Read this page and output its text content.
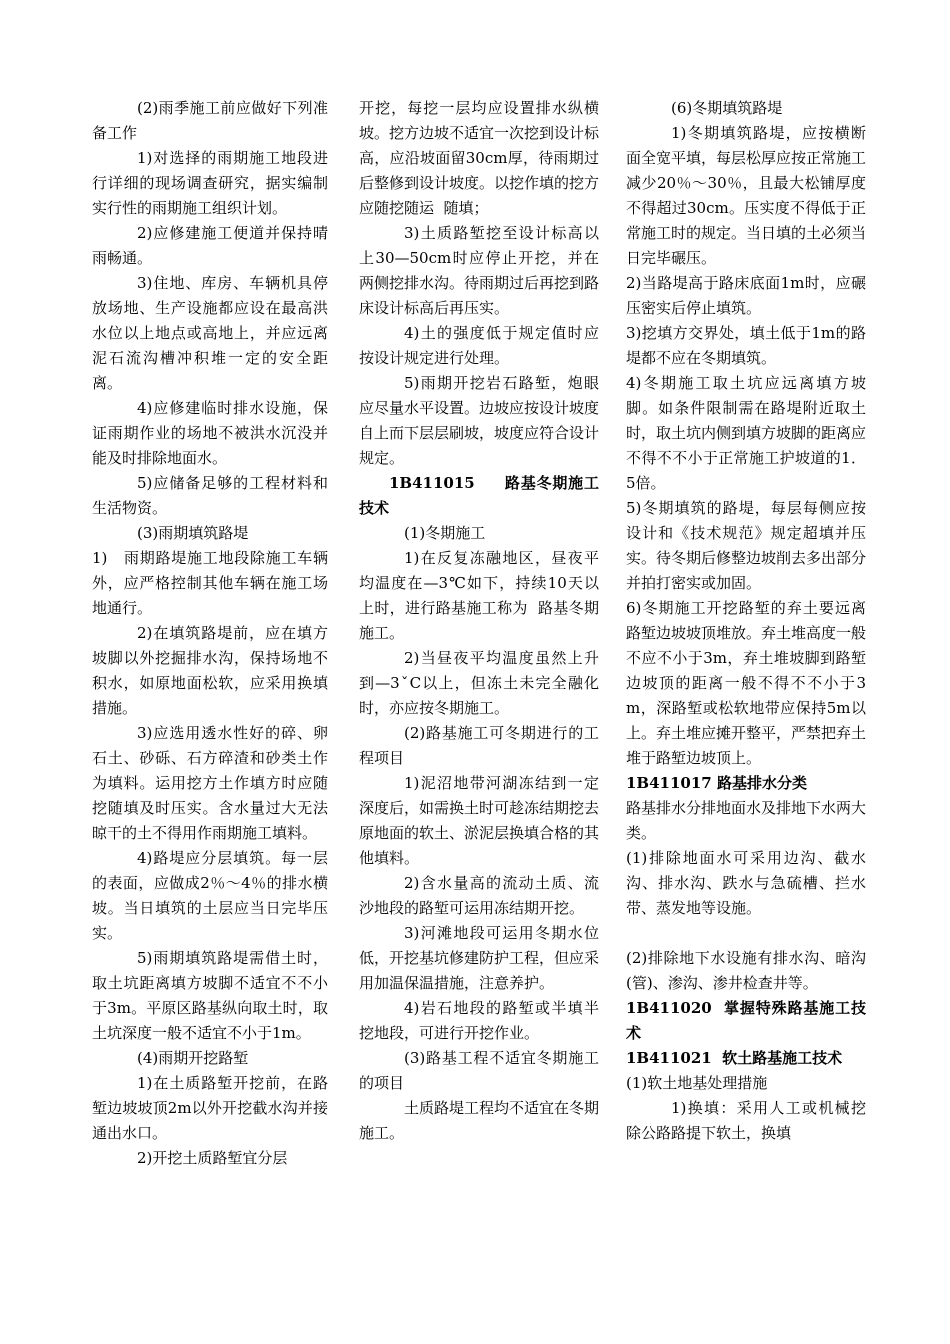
(2)雨季施工前应做好下列准备工作

1)对选择的雨期施工地段进行详细的现场调查研究，据实编制实行性的雨期施工组织计划。

2)应修建施工便道并保持晴雨畅通。

3)住地、库房、车辆机具停放场地、生产设施都应设在最高洪水位以上地点或高地上，并应远离泥石流沟槽冲积堆一定的安全距离。

4)应修建临时排水设施，保证雨期作业的场地不被洪水沉没并能及时排除地面水。

5)应储备足够的工程材料和生活物资。

(3)雨期填筑路堤

1)   雨期路堤施工地段除施工车辆外，应严格控制其他车辆在施工场地通行。

2)在填筑路堤前，应在填方坡脚以外挖掘排水沟，保持场地不积水，如原地面松软，应采用换填措施。

3)应选用透水性好的碎、卵石土、砂砾、石方碎渣和砂类土作为填料。运用挖方土作填方时应随挖随填及时压实。含水量过大无法晾干的土不得用作雨期施工填料。

4)路堤应分层填筑。每一层的表面，应做成2％～4％的排水横坡。当日填筑的土层应当日完毕压实。

5)雨期填筑路堤需借土时，取土坑距离填方坡脚不适宜不不小于3m。平原区路基纵向取土时，取土坑深度一般不适宜不小于1m。

(4)雨期开挖路堑

1)在土质路堑开挖前，在路堑边坡坡顶2m以外开挖截水沟并接通出水口。

2)开挖土质路堑宜分层

开挖，每挖一层均应设置排水纵横坡。挖方边坡不适宜一次挖到设计标高，应沿坡面留30cm厚，待雨期过后整修到设计坡度。以挖作填的挖方应随挖随运  随填；

3)土质路堑挖至设计标高以上30—50cm时应停止开挖，并在两侧挖排水沟。待雨期过后再挖到路床设计标高后再压实。

4)土的强度低于规定值时应按设计规定进行处理。

5)雨期开挖岩石路堑，炮眼应尽量水平设置。边坡应按设计坡度自上而下层层刷坡，坡度应符合设计规定。

1B411015     路基冬期施工技术

(1)冬期施工

1)在反复冻融地区，昼夜平均温度在—3℃如下，持续10天以上时，进行路基施工称为  路基冬期施工。

2)当昼夜平均温度虽然上升到—3ˇC以上，但冻土未完全融化时，亦应按冬期施工。

(2)路基施工可冬期进行的工程项目

1)泥沼地带河湖冻结到一定深度后，如需换土时可趁冻结期挖去原地面的软土、淤泥层换填合格的其他填料。

2)含水量高的流动土质、流沙地段的路堑可运用冻结期开挖。

3)河滩地段可运用冬期水位低，开挖基坑修建防护工程，但应采用加温保温措施，注意养护。

4)岩石地段的路堑或半填半挖地段，可进行开挖作业。

(3)路基工程不适宜冬期施工的项目

土质路堤工程均不适宜在冬期施工。

(6)冬期填筑路堤

1)冬期填筑路堤，应按横断面全宽平填，每层松厚应按正常施工减少20％～30％，且最大松铺厚度不得超过30cm。压实度不得低于正常施工时的规定。当日填的土必须当日完毕碾压。

2)当路堤高于路床底面1m时，应碾压密实后停止填筑。

3)挖填方交界处，填土低于1m的路堤都不应在冬期填筑。

4)冬期施工取土坑应远离填方坡脚。如条件限制需在路堤附近取土时，取土坑内侧到填方坡脚的距离应不得不不小于正常施工护坡道的1．5倍。

5)冬期填筑的路堤，每层每侧应按设计和《技术规范》规定超填并压实。待冬期后修整边坡削去多出部分并拍打密实或加固。

6)冬期施工开挖路堑的弃土要远离路堑边坡坡顶堆放。弃土堆高度一般不应不小于3m，弃土堆坡脚到路堑边坡顶的距离一般不得不不小于3m，深路堑或松软地带应保持5m以上。弃土堆应摊开整平，严禁把弃土堆于路堑边坡顶上。

1B411017 路基排水分类

路基排水分排地面水及排地下水两大类。

(1)排除地面水可采用边沟、截水沟、排水沟、跌水与急硫槽、拦水带、蒸发地等设施。

(2)排除地下水设施有排水沟、暗沟(管)、渗沟、渗井检查井等。

1B411020  掌握特殊路基施工技术

1B411021  软土路基施工技术

(1)软土地基处理措施

1)换填：采用人工或机械挖除公路路提下软土，换填
